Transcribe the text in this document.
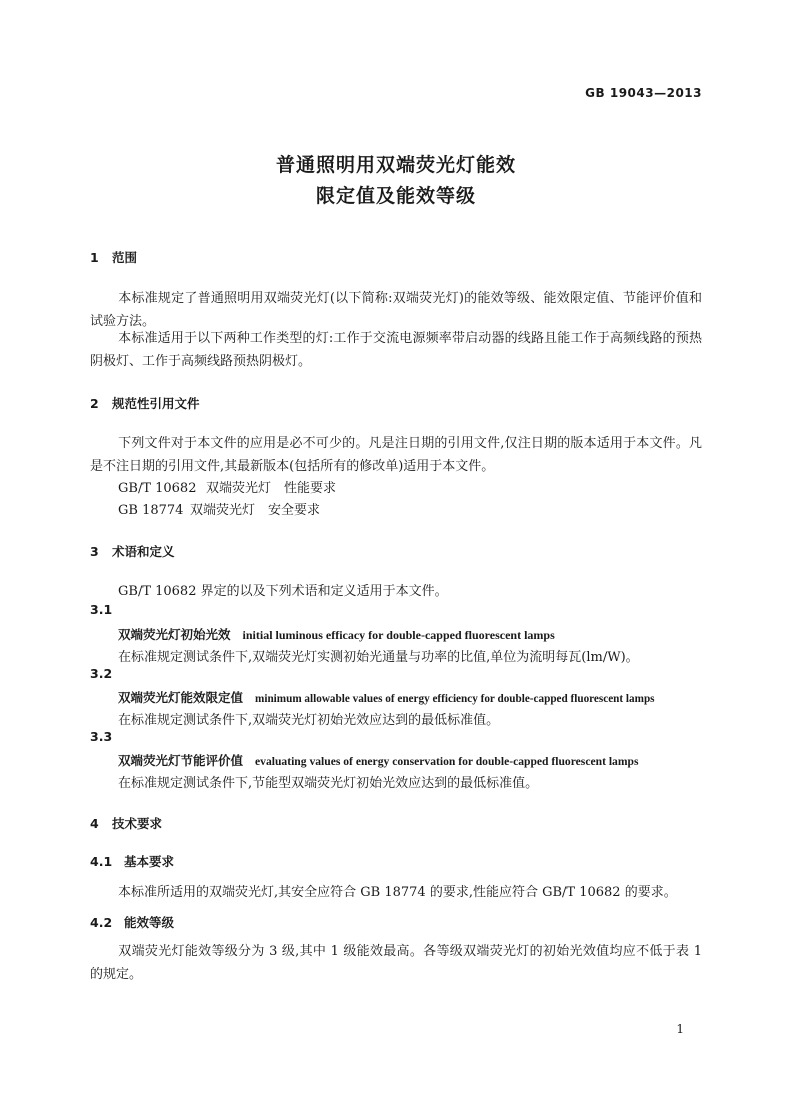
GB 19043—2013
普通照明用双端荧光灯能效
限定值及能效等级
1 范围
本标准规定了普通照明用双端荧光灯(以下简称:双端荧光灯)的能效等级、能效限定值、节能评价值和试验方法。
本标准适用于以下两种工作类型的灯:工作于交流电源频率带启动器的线路且能工作于高频线路的预热阴极灯、工作于高频线路预热阴极灯。
2 规范性引用文件
下列文件对于本文件的应用是必不可少的。凡是注日期的引用文件,仅注日期的版本适用于本文件。凡是不注日期的引用文件,其最新版本(包括所有的修改单)适用于本文件。
GB/T 10682 双端荧光灯　性能要求
GB 18774 双端荧光灯　安全要求
3 术语和定义
GB/T 10682 界定的以及下列术语和定义适用于本文件。
3.1
双端荧光灯初始光效 initial luminous efficacy for double-capped fluorescent lamps
在标准规定测试条件下,双端荧光灯实测初始光通量与功率的比值,单位为流明每瓦(lm/W)。
3.2
双端荧光灯能效限定值 minimum allowable values of energy efficiency for double-capped fluorescent lamps
在标准规定测试条件下,双端荧光灯初始光效应达到的最低标准值。
3.3
双端荧光灯节能评价值 evaluating values of energy conservation for double-capped fluorescent lamps
在标准规定测试条件下,节能型双端荧光灯初始光效应达到的最低标准值。
4 技术要求
4.1 基本要求
本标准所适用的双端荧光灯,其安全应符合 GB 18774 的要求,性能应符合 GB/T 10682 的要求。
4.2 能效等级
双端荧光灯能效等级分为 3 级,其中 1 级能效最高。各等级双端荧光灯的初始光效值均应不低于表 1 的规定。
1
